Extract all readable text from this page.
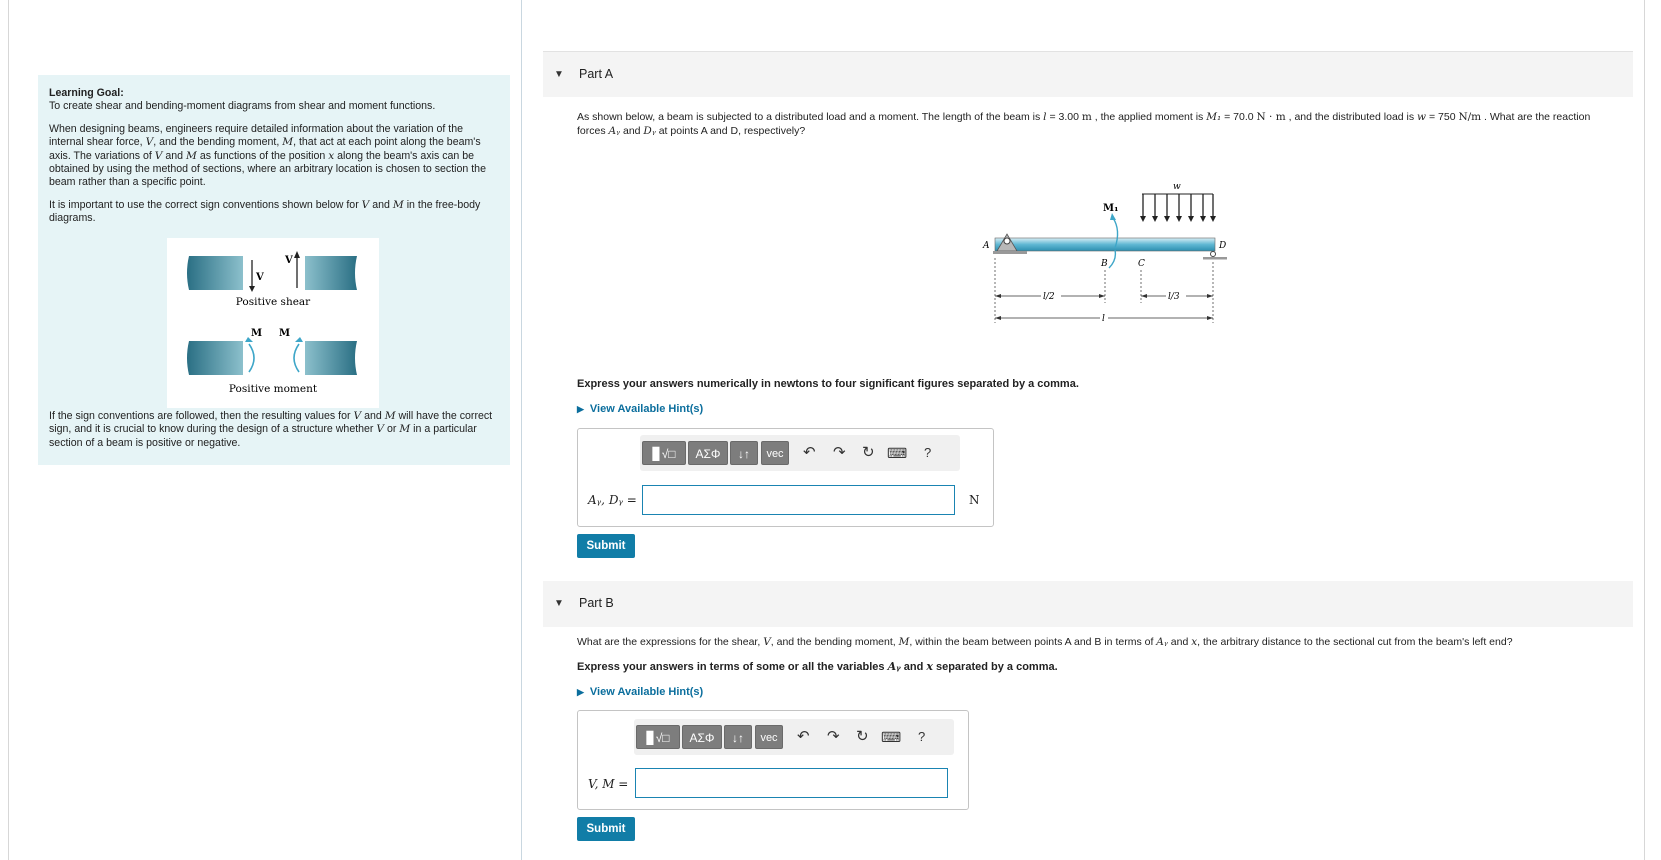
Learning Goal:

To create shear and bending-moment diagrams from shear and moment functions.

When designing beams, engineers require detailed information about the variation of the internal shear force, V, and the bending moment, M, that act at each point along the beam's axis. The variations of V and M as functions of the position x along the beam's axis can be obtained by using the method of sections, where an arbitrary location is chosen to section the beam rather than a specific point.

It is important to use the correct sign conventions shown below for V and M in the free-body diagrams.

V
V
Positive shear
M M
Positive moment

If the sign conventions are followed, then the resulting values for V and M will have the correct sign, and it is crucial to know during the design of a structure whether V or M in a particular section of a beam is positive or negative.

▼ Part A
As shown below, a beam is subjected to a distributed load and a moment. The length of the beam is l = 3.00 m , the applied moment is M₁ = 70.0 N · m , and the distributed load is w = 750 N/m . What are the reaction
forces Aᵧ and Dᵧ at points A and D, respectively?
w
M₁
A
B	C
D
l/2	l/3
l
Express your answers numerically in newtons to four significant figures separated by a comma.
▶ View Available Hint(s)
▊√□	ΑΣΦ	↓↑	vec	↶ ↷ ↻ ⌨ ?
Aᵧ, Dᵧ =	N
Submit
▼ Part B
What are the expressions for the shear, V, and the bending moment, M, within the beam between points A and B in terms of Aᵧ and x, the arbitrary distance to the sectional cut from the beam's left end?
Express your answers in terms of some or all the variables Aᵧ and x separated by a comma.
▶ View Available Hint(s)
▊√□	ΑΣΦ	↓↑	vec	↶ ↷ ↻ ⌨ ?
V, M =
Submit
